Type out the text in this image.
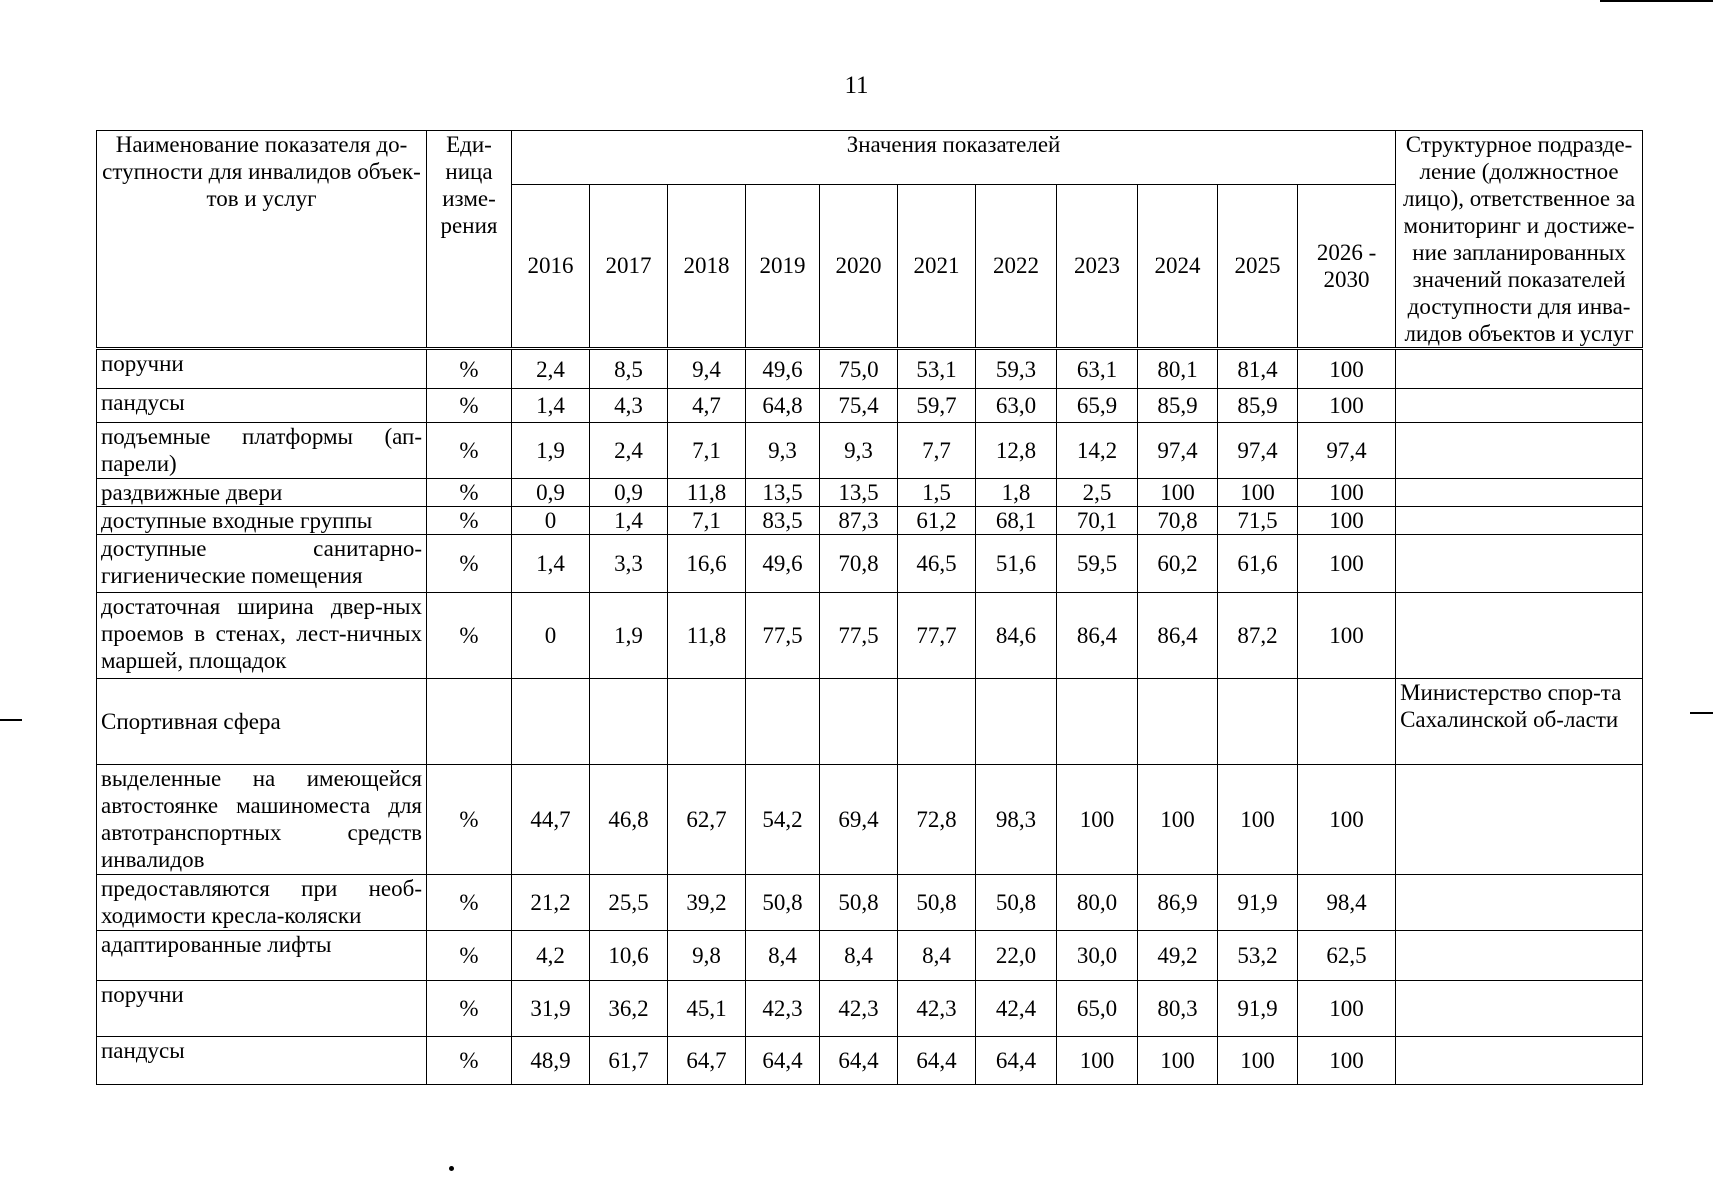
11
Наименование показателя до-ступности для инвалидов объек-тов и услуг	Еди-ница изме-рения	Значения показателей											Структурное подразде-ление (должностное лицо), ответственное за мониторинг и достиже-ние запланированных значений показателей доступности для инва-лидов объектов и услуг
		2016	2017	2018	2019	2020	2021	2022	2023	2024	2025	2026 - 2030	
поручни	%	2,4	8,5	9,4	49,6	75,0	53,1	59,3	63,1	80,1	81,4	100	
пандусы	%	1,4	4,3	4,7	64,8	75,4	59,7	63,0	65,9	85,9	85,9	100	
подъемные платформы (ап-парели)	%	1,9	2,4	7,1	9,3	9,3	7,7	12,8	14,2	97,4	97,4	97,4	
раздвижные двери	%	0,9	0,9	11,8	13,5	13,5	1,5	1,8	2,5	100	100	100	
доступные входные группы	%	0	1,4	7,1	83,5	87,3	61,2	68,1	70,1	70,8	71,5	100	
доступные санитарно-гигиенические помещения	%	1,4	3,3	16,6	49,6	70,8	46,5	51,6	59,5	60,2	61,6	100	
достаточная ширина двер-ных проемов в стенах, лест-ничных маршей, площадок	%	0	1,9	11,8	77,5	77,5	77,7	84,6	86,4	86,4	87,2	100	
Спортивная сфера													Министерство спор-та Сахалинской об-ласти
выделенные на имеющейся автостоянке машиноместа для автотранспортных средств инвалидов	%	44,7	46,8	62,7	54,2	69,4	72,8	98,3	100	100	100	100	
предоставляются при необ-ходимости кресла-коляски	%	21,2	25,5	39,2	50,8	50,8	50,8	50,8	80,0	86,9	91,9	98,4	
адаптированные лифты	%	4,2	10,6	9,8	8,4	8,4	8,4	22,0	30,0	49,2	53,2	62,5	
поручни	%	31,9	36,2	45,1	42,3	42,3	42,3	42,4	65,0	80,3	91,9	100	
пандусы	%	48,9	61,7	64,7	64,4	64,4	64,4	64,4	100	100	100	100	
